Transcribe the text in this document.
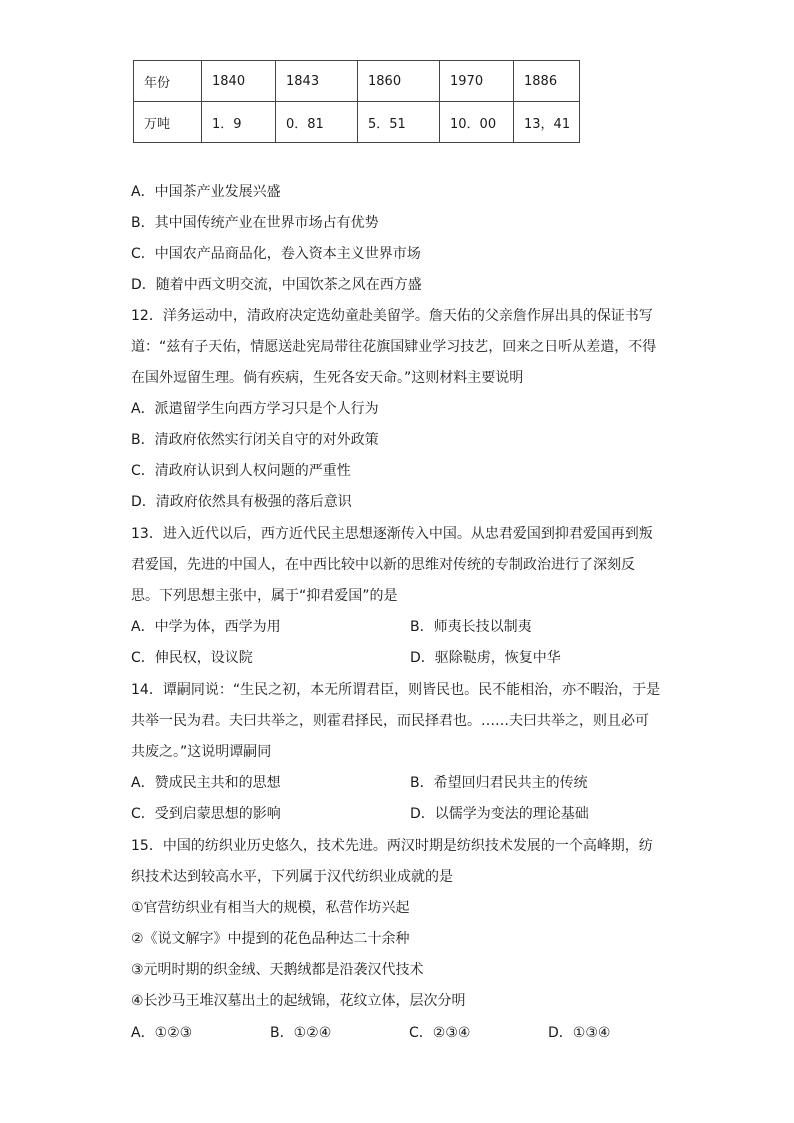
年份	1840	1843	1860	1970	1886
万吨	1．9	0．81	5．51	10．00	13，41
A．中国茶产业发展兴盛
B．其中国传统产业在世界市场占有优势
C．中国农产品商品化，卷入资本主义世界市场
D．随着中西文明交流，中国饮茶之风在西方盛
12．洋务运动中，清政府决定选幼童赴美留学。詹天佑的父亲詹作屏出具的保证书写
道：“兹有子天佑，情愿送赴宪局带往花旗国肄业学习技艺，回来之日听从差遣，不得
在国外逗留生理。倘有疾病，生死各安天命。”这则材料主要说明
A．派遣留学生向西方学习只是个人行为
B．清政府依然实行闭关自守的对外政策
C．清政府认识到人权问题的严重性
D．清政府依然具有极强的落后意识
13．进入近代以后，西方近代民主思想逐渐传入中国。从忠君爱国到抑君爱国再到叛
君爱国，先进的中国人，在中西比较中以新的思维对传统的专制政治进行了深刻反
思。下列思想主张中，属于“抑君爱国”的是
A．中学为体，西学为用	B．师夷长技以制夷
C．伸民权，设议院	D．驱除鞑虏，恢复中华
14．谭嗣同说：“生民之初，本无所谓君臣，则皆民也。民不能相治，亦不暇治，于是
共举一民为君。夫曰共举之，则霍君择民，而民择君也。……夫曰共举之，则且必可
共废之。”这说明谭嗣同
A．赞成民主共和的思想	B．希望回归君民共主的传统
C．受到启蒙思想的影响	D．以儒学为变法的理论基础
15．中国的纺织业历史悠久，技术先进。两汉时期是纺织技术发展的一个高峰期，纺
织技术达到较高水平，下列属于汉代纺织业成就的是
①官营纺织业有相当大的规模，私营作坊兴起
②《说文解字》中提到的花色品种达二十余种
③元明时期的织金绒、天鹅绒都是沿袭汉代技术
④长沙马王堆汉墓出土的起绒锦，花纹立体，层次分明
A．①②③	B．①②④	C．②③④	D．①③④
